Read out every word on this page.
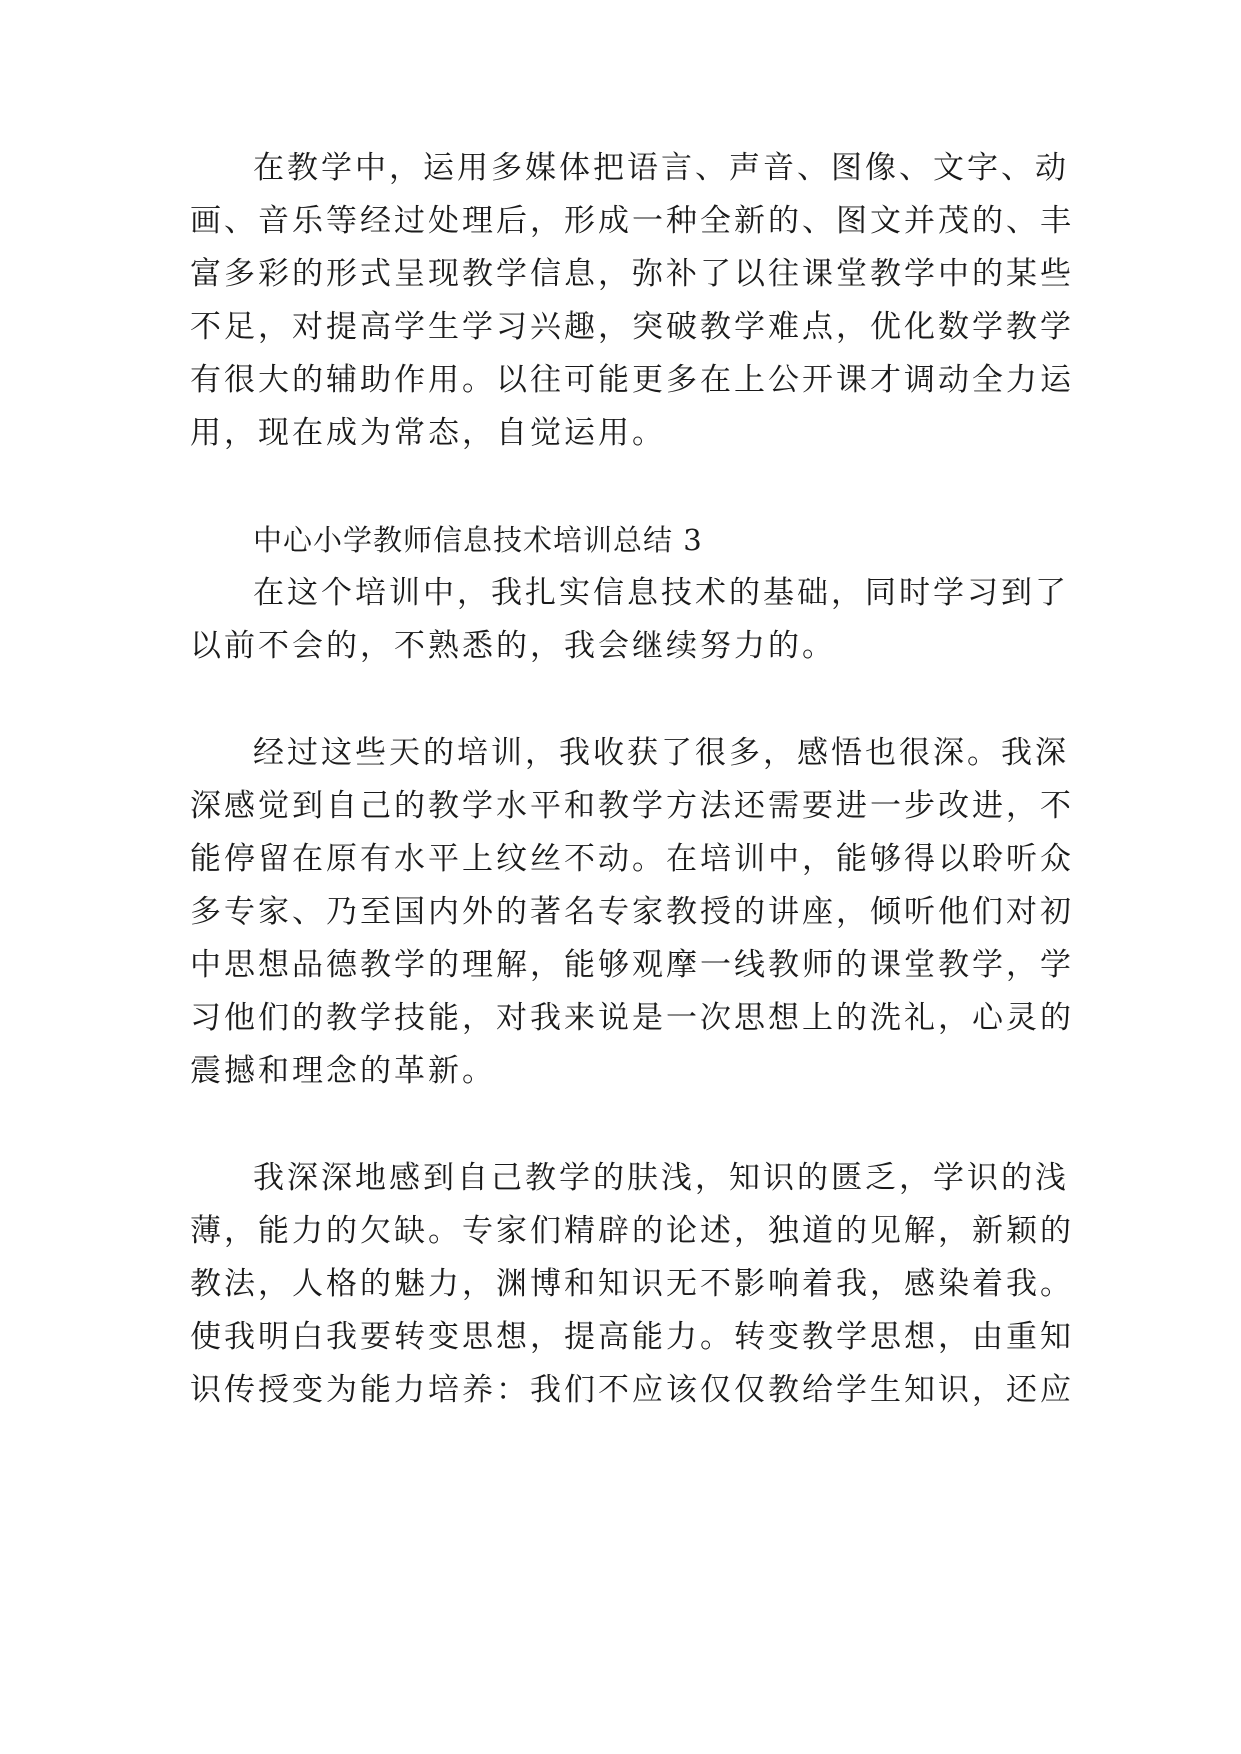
在教学中，运用多媒体把语言、声音、图像、文字、动
画、音乐等经过处理后，形成一种全新的、图文并茂的、丰
富多彩的形式呈现教学信息，弥补了以往课堂教学中的某些
不足，对提高学生学习兴趣，突破教学难点，优化数学教学
有很大的辅助作用。以往可能更多在上公开课才调动全力运
用，现在成为常态，自觉运用。
中心小学教师信息技术培训总结 3
在这个培训中，我扎实信息技术的基础，同时学习到了
以前不会的，不熟悉的，我会继续努力的。
经过这些天的培训，我收获了很多，感悟也很深。我深
深感觉到自己的教学水平和教学方法还需要进一步改进，不
能停留在原有水平上纹丝不动。在培训中，能够得以聆听众
多专家、乃至国内外的著名专家教授的讲座，倾听他们对初
中思想品德教学的理解，能够观摩一线教师的课堂教学，学
习他们的教学技能，对我来说是一次思想上的洗礼，心灵的
震撼和理念的革新。
我深深地感到自己教学的肤浅，知识的匮乏，学识的浅
薄，能力的欠缺。专家们精辟的论述，独道的见解，新颖的
教法，人格的魅力，渊博和知识无不影响着我，感染着我。
使我明白我要转变思想，提高能力。转变教学思想，由重知
识传授变为能力培养：我们不应该仅仅教给学生知识，还应
